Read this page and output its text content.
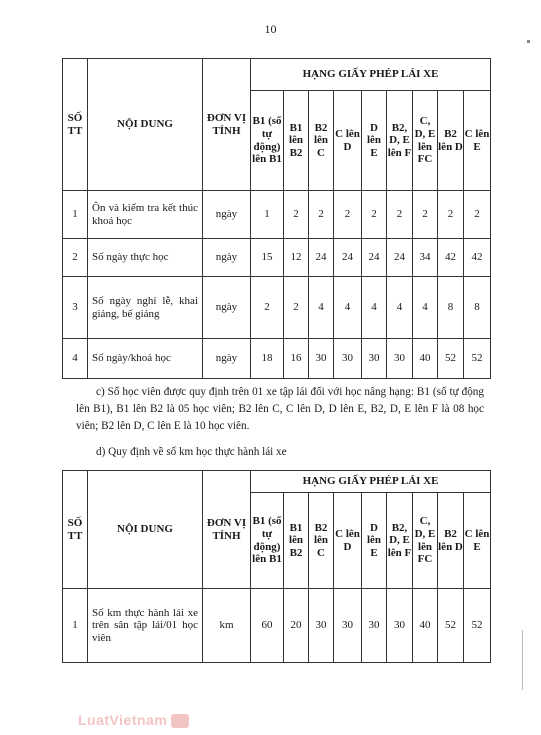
10
SỐ TT	NỘI DUNG	ĐƠN VỊ TÍNH	HẠNG GIẤY PHÉP LÁI XE								
			B1 (số tự động) lên B1	B1 lên B2	B2 lên C	C lên D	D lên E	B2, D, E lên F	C, D, E lên FC	B2 lên D	C lên E
1	Ôn và kiểm tra kết thúc khoá học	ngày	1	2	2	2	2	2	2	2	2
2	Số ngày thực học	ngày	15	12	24	24	24	24	34	42	42
3	Số ngày nghỉ lễ, khai giảng, bế giảng	ngày	2	2	4	4	4	4	4	8	8
4	Số ngày/khoá học	ngày	18	16	30	30	30	30	40	52	52
c) Số học viên được quy định trên 01 xe tập lái đối với học nâng hạng: B1 (số tự động lên B1), B1 lên B2 là 05 học viên; B2 lên C, C lên D, D lên E, B2, D, E lên F là 08 học viên; B2 lên D, C lên E là 10 học viên.
d) Quy định về số km học thực hành lái xe
SỐ TT	NỘI DUNG	ĐƠN VỊ TÍNH	HẠNG GIẤY PHÉP LÁI XE								
			B1 (số tự động) lên B1	B1 lên B2	B2 lên C	C lên D	D lên E	B2, D, E lên F	C, D, E lên FC	B2 lên D	C lên E
1	Số km thực hành lái xe trên sân tập lái/01 học viên	km	60	20	30	30	30	30	40	52	52
LuatVietnam
